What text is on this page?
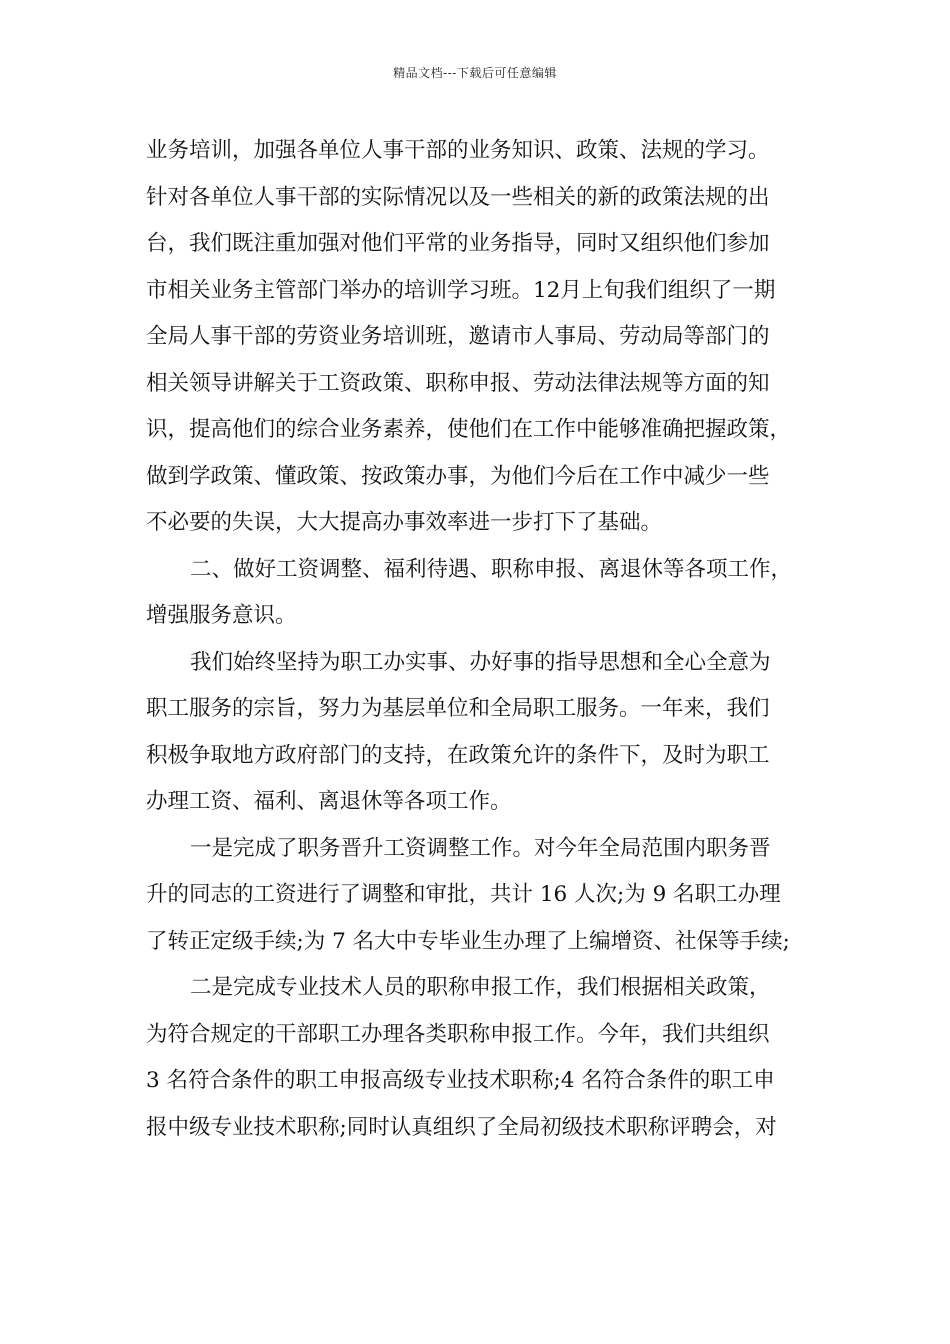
精品文档---下载后可任意编辑
业务培训，加强各单位人事干部的业务知识、政策、法规的学习。
针对各单位人事干部的实际情况以及一些相关的新的政策法规的出
台，我们既注重加强对他们平常的业务指导，同时又组织他们参加
市相关业务主管部门举办的培训学习班。12月上旬我们组织了一期
全局人事干部的劳资业务培训班，邀请市人事局、劳动局等部门的
相关领导讲解关于工资政策、职称申报、劳动法律法规等方面的知
识，提高他们的综合业务素养，使他们在工作中能够准确把握政策，
做到学政策、懂政策、按政策办事，为他们今后在工作中减少一些
不必要的失误，大大提高办事效率进一步打下了基础。
二、做好工资调整、福利待遇、职称申报、离退休等各项工作，
增强服务意识。
我们始终坚持为职工办实事、办好事的指导思想和全心全意为
职工服务的宗旨，努力为基层单位和全局职工服务。一年来，我们
积极争取地方政府部门的支持，在政策允许的条件下，及时为职工
办理工资、福利、离退休等各项工作。
一是完成了职务晋升工资调整工作。对今年全局范围内职务晋
升的同志的工资进行了调整和审批，共计 16 人次;为 9 名职工办理
了转正定级手续;为 7 名大中专毕业生办理了上编增资、社保等手续;
二是完成专业技术人员的职称申报工作，我们根据相关政策，
为符合规定的干部职工办理各类职称申报工作。今年，我们共组织
3 名符合条件的职工申报高级专业技术职称;4 名符合条件的职工申
报中级专业技术职称;同时认真组织了全局初级技术职称评聘会，对
